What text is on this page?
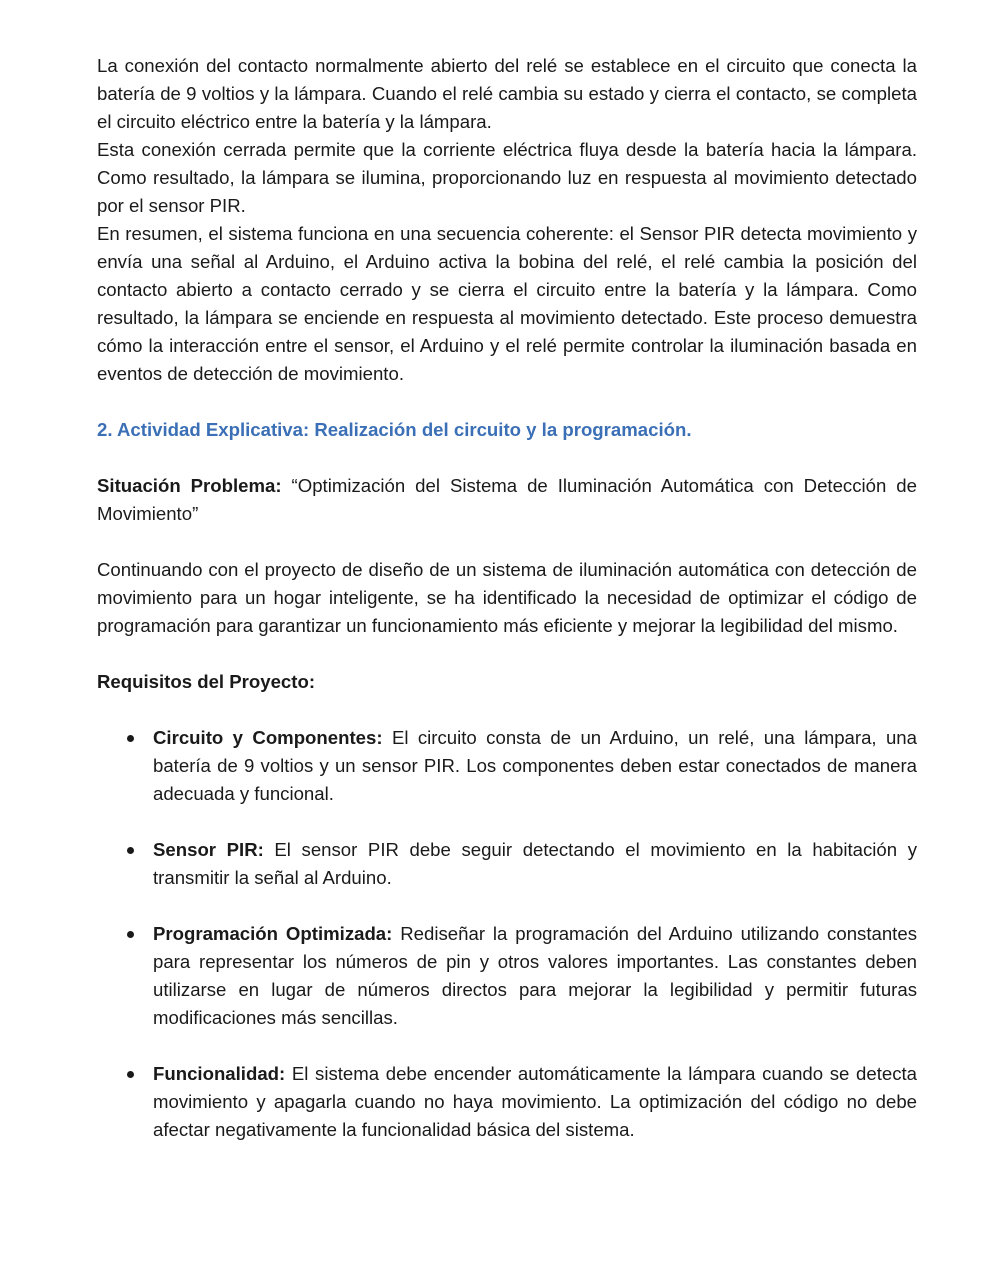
La conexión del contacto normalmente abierto del relé se establece en el circuito que conecta la batería de 9 voltios y la lámpara. Cuando el relé cambia su estado y cierra el contacto, se completa el circuito eléctrico entre la batería y la lámpara.

Esta conexión cerrada permite que la corriente eléctrica fluya desde la batería hacia la lámpara. Como resultado, la lámpara se ilumina, proporcionando luz en respuesta al movimiento detectado por el sensor PIR.

En resumen, el sistema funciona en una secuencia coherente: el Sensor PIR detecta movimiento y envía una señal al Arduino, el Arduino activa la bobina del relé, el relé cambia la posición del contacto abierto a contacto cerrado y se cierra el circuito entre la batería y la lámpara. Como resultado, la lámpara se enciende en respuesta al movimiento detectado. Este proceso demuestra cómo la interacción entre el sensor, el Arduino y el relé permite controlar la iluminación basada en eventos de detección de movimiento.

2. Actividad Explicativa: Realización del circuito y la programación.

Situación Problema: “Optimización del Sistema de Iluminación Automática con Detección de Movimiento”

Continuando con el proyecto de diseño de un sistema de iluminación automática con detección de movimiento para un hogar inteligente, se ha identificado la necesidad de optimizar el código de programación para garantizar un funcionamiento más eficiente y mejorar la legibilidad del mismo.

Requisitos del Proyecto:

Circuito y Componentes: El circuito consta de un Arduino, un relé, una lámpara, una batería de 9 voltios y un sensor PIR. Los componentes deben estar conectados de manera adecuada y funcional.
Sensor PIR: El sensor PIR debe seguir detectando el movimiento en la habitación y transmitir la señal al Arduino.
Programación Optimizada: Rediseñar la programación del Arduino utilizando constantes para representar los números de pin y otros valores importantes. Las constantes deben utilizarse en lugar de números directos para mejorar la legibilidad y permitir futuras modificaciones más sencillas.
Funcionalidad: El sistema debe encender automáticamente la lámpara cuando se detecta movimiento y apagarla cuando no haya movimiento. La optimización del código no debe afectar negativamente la funcionalidad básica del sistema.
